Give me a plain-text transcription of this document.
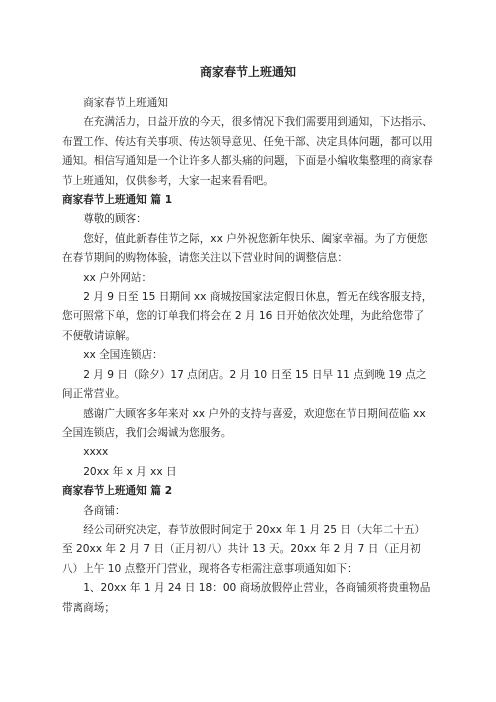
商家春节上班通知

商家春节上班通知

在充满活力，日益开放的今天，很多情况下我们需要用到通知，下达指示、布置工作、传达有关事项、传达领导意见、任免干部、决定具体问题，都可以用通知。相信写通知是一个让许多人都头痛的问题，下面是小编收集整理的商家春节上班通知，仅供参考，大家一起来看看吧。

商家春节上班通知 篇 1

尊敬的顾客：

您好，值此新春佳节之际，xx 户外祝您新年快乐、阖家幸福。为了方便您在春节期间的购物体验，请您关注以下营业时间的调整信息：

xx 户外网站：

2 月 9 日至 15 日期间 xx 商城按国家法定假日休息，暂无在线客服支持，您可照常下单，您的订单我们将会在 2 月 16 日开始依次处理，为此给您带了不便敬请谅解。

xx 全国连锁店：

2 月 9 日（除夕）17 点闭店。2 月 10 日至 15 日早 11 点到晚 19 点之间正常营业。

感谢广大顾客多年来对 xx 户外的支持与喜爱，欢迎您在节日期间莅临 xx 全国连锁店，我们会竭诚为您服务。

xxxx

20xx 年 x 月 xx 日

商家春节上班通知 篇 2

各商铺：

经公司研究决定，春节放假时间定于 20xx 年 1 月 25 日（大年二十五）至 20xx 年 2 月 7 日（正月初八）共计 13 天。20xx 年 2 月 7 日（正月初八）上午 10 点整开门营业，现将各专柜需注意事项通知如下：

1、20xx 年 1 月 24 日 18：00 商场放假停止营业，各商铺须将贵重物品带离商场；
